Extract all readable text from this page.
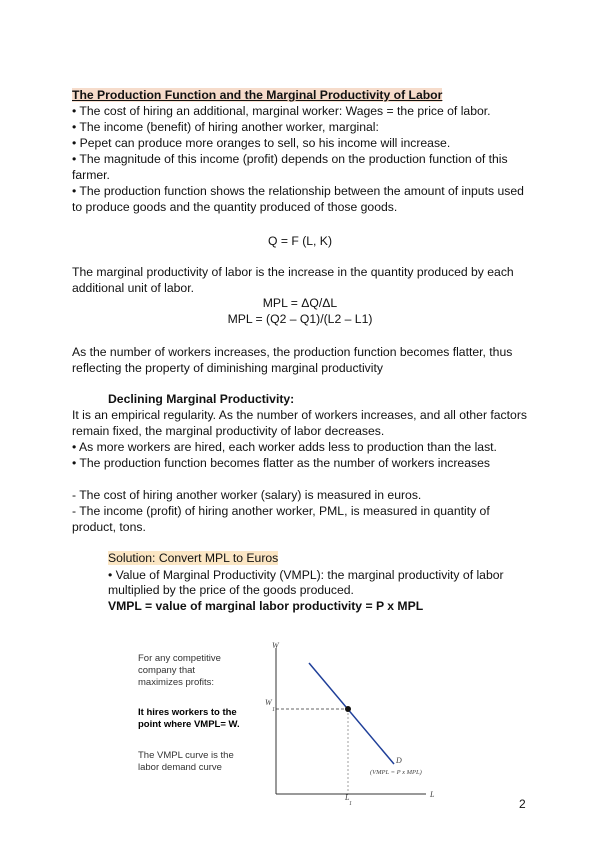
The Production Function and the Marginal Productivity of Labor
• The cost of hiring an additional, marginal worker: Wages = the price of labor.
• The income (benefit) of hiring another worker, marginal:
• Pepet can produce more oranges to sell, so his income will increase.
• The magnitude of this income (profit) depends on the production function of this
farmer.
• The production function shows the relationship between the amount of inputs used
to produce goods and the quantity produced of those goods.
Q = F (L, K)
The marginal productivity of labor is the increase in the quantity produced by each
additional unit of labor.
MPL = ΔQ/ΔL
MPL = (Q2 – Q1)/(L2 – L1)
As the number of workers increases, the production function becomes flatter, thus
reflecting the property of diminishing marginal productivity
Declining Marginal Productivity:
It is an empirical regularity. As the number of workers increases, and all other factors
remain fixed, the marginal productivity of labor decreases.
• As more workers are hired, each worker adds less to production than the last.
• The production function becomes flatter as the number of workers increases
- The cost of hiring another worker (salary) is measured in euros.
- The income (profit) of hiring another worker, PML, is measured in quantity of
product, tons.
Solution: Convert MPL to Euros
• Value of Marginal Productivity (VMPL): the marginal productivity of labor
multiplied by the price of the goods produced.
VMPL = value of marginal labor productivity = P x MPL
For any competitive
company that
maximizes profits:
It hires workers to the
point where VMPL= W.
The VMPL curve is the
labor demand curve
W
L
W
1
L
1
D
(VMPL = P x MPL)
2
